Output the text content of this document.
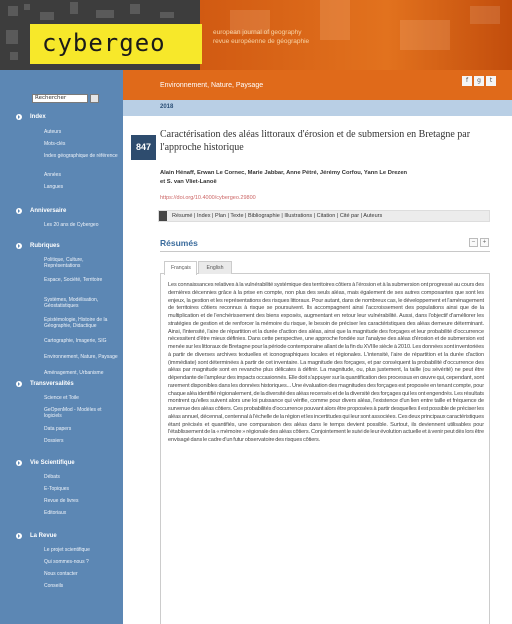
cybergeo	european journal of geography
revue européenne de géographie
Rechercher
Index
Auteurs
Mots-clés
Index géographique de référence
Années
Langues
Anniversaire
Les 20 ans de Cybergeo
Rubriques
Politique, Culture, Représentations
Espace, Société, Territoire
Systèmes, Modélisation, Géostatistiques
Epistémologie, Histoire de la Géographie, Didactique
Cartographie, Imagerie, SIG
Environnement, Nature, Paysage
Aménagement, Urbanisme
Transversalités
Science et Toile
GeOpenMod - Modèles et logiciels
Data papers
Dossiers
Vie Scientifique
Débats
E-Topiques
Revue de livres
Editoriaux
La Revue
Le projet scientifique
Qui sommes-nous ?
Nous contacter
Conseils
Environnement, Nature, Paysage
f	g	t
2018
847
Caractérisation des aléas littoraux d'érosion et de submersion en Bretagne par l'approche historique
Alain Hénaff, Erwan Le Cornec, Marie Jabbar, Anne Pétré, Jérémy Corfou, Yann Le Drezen et S. van Vliet-Lanoë
https://doi.org/10.4000/cybergeo.29800
Résumé | Index | Plan | Texte | Bibliographie | Illustrations | Citation | Cité par | Auteurs
Résumés	−	+
Français	English

Les connaissances relatives à la vulnérabilité systémique des territoires côtiers à l'érosion et à la submersion ont progressé au cours des dernières décennies grâce à la prise en compte, non plus des seuls aléas, mais également de ses autres composantes que sont les enjeux, la gestion et les représentations des risques littoraux. Pour autant, dans de nombreux cas, le développement et l'aménagement de territoires côtiers reconnus à risque se poursuivent. Ils accompagnent ainsi l'accroissement des populations ainsi que de la multiplication et de l'enchérissement des biens exposés, augmentant en retour leur vulnérabilité. Aussi, dans l'objectif d'améliorer les stratégies de gestion et de renforcer la mémoire du risque, le besoin de préciser les caractéristiques des aléas demeure déterminant. Ainsi, l'intensité, l'aire de répartition et la durée d'action des aléas, ainsi que la magnitude des forçages et leur probabilité d'occurrence nécessitent d'être mieux définies. Dans cette perspective, une approche fondée sur l'analyse des aléas d'érosion et de submersion est menée sur les littoraux de Bretagne pour la période contemporaine allant de la fin du XVIIIe siècle à 2010. Les données sont inventoriées à partir de diverses archives textuelles et iconographiques locales et régionales. L'intensité, l'aire de répartition et la durée d'action (immédiate) sont déterminées à partir de cet inventaire. La magnitude des forçages, et par conséquent la probabilité d'occurrence des aléas par magnitude sont en revanche plus délicates à définir. La magnitude, ou, plus justement, la taille (ou sévérité) ne peut être dépendante de l'ampleur des impacts occasionnés. Elle doit s'appuyer sur la quantification des processus en œuvre qui, cependant, sont rarement disponibles dans les données historiques... Une évaluation des magnitudes des forçages est proposée en tenant compte, pour chaque aléa identifié régionalement, de la diversité des aléas recensés et de la diversité des forçages qui les ont engendrés. Les résultats montrent qu'elles suivent alors une loi puissance qui vérifie, comme pour divers aléas, l'existence d'un lien entre taille et fréquence de survenue des aléas côtiers. Ces probabilités d'occurrence pouvant alors être proposées à partir desquelles il est possible de préciser les aléas annuel, décennal, centennal à l'échelle de la région et les incertitudes qui leur sont associées. Ces deux principaux caractéristiques étant précisés et quantifiés, une comparaison des aléas dans le temps devient possible. Surtout, ils deviennent utilisables pour l'établissement de la « mémoire » régionale des aléas côtiers. Conjointement le suivi de leur évolution actuelle et à venir peut dès lors être envisagé dans le cadre d'un futur observatoire des risques côtiers.
